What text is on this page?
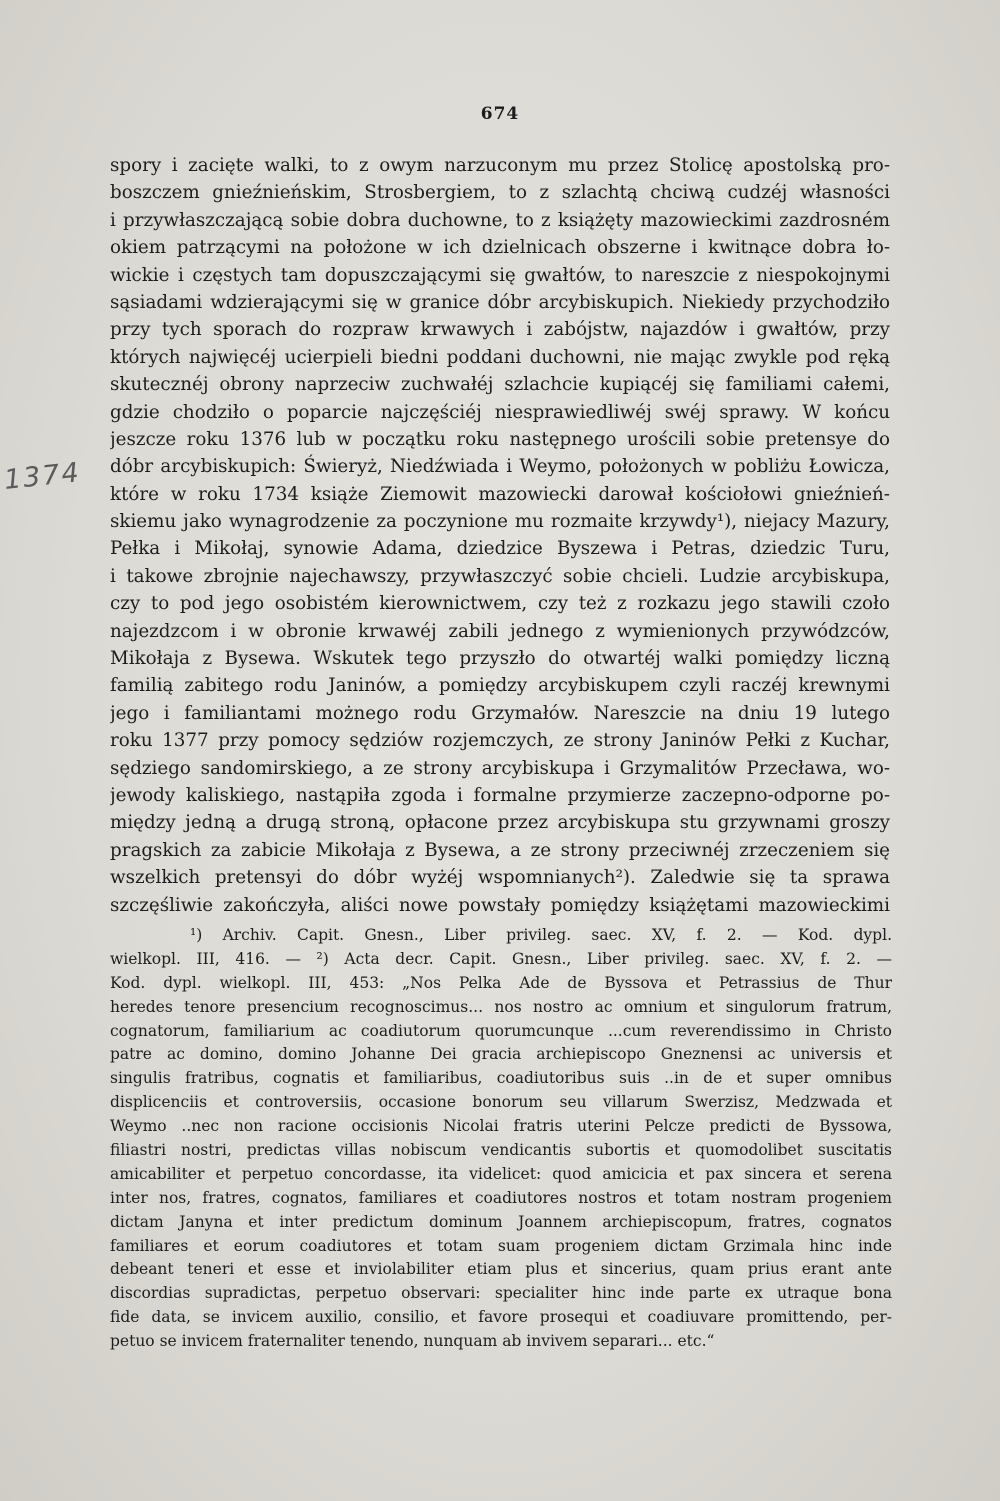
674
1374
spory i zacięte walki, to z owym narzuconym mu przez Stolicę apostolską pro-
boszczem gnieźnieńskim, Strosbergiem, to z szlachtą chciwą cudzéj własności
i przywłaszczającą sobie dobra duchowne, to z książęty mazowieckimi zazdrosném
okiem patrzącymi na położone w ich dzielnicach obszerne i kwitnące dobra ło-
wickie i częstych tam dopuszczającymi się gwałtów, to nareszcie z niespokojnymi
sąsiadami wdzierającymi się w granice dóbr arcybiskupich. Niekiedy przychodziło
przy tych sporach do rozpraw krwawych i zabójstw, najazdów i gwałtów, przy
których najwięcéj ucierpieli biedni poddani duchowni, nie mając zwykle pod ręką
skutecznéj obrony naprzeciw zuchwałéj szlachcie kupiącéj się familiami całemi,
gdzie chodziło o poparcie najczęściéj niesprawiedliwéj swéj sprawy. W końcu
jeszcze roku 1376 lub w początku roku następnego urościli sobie pretensye do
dóbr arcybiskupich: Świeryż, Niedźwiada i Weymo, położonych w pobliżu Łowicza,
które w roku 1734 książe Ziemowit mazowiecki darował kościołowi gnieźnień-
skiemu jako wynagrodzenie za poczynione mu rozmaite krzywdy¹), niejacy Mazury,
Pełka i Mikołaj, synowie Adama, dziedzice Byszewa i Petras, dziedzic Turu,
i takowe zbrojnie najechawszy, przywłaszczyć sobie chcieli. Ludzie arcybiskupa,
czy to pod jego osobistém kierownictwem, czy też z rozkazu jego stawili czoło
najezdzcom i w obronie krwawéj zabili jednego z wymienionych przywódzców,
Mikołaja z Bysewa. Wskutek tego przyszło do otwartéj walki pomiędzy liczną
familią zabitego rodu Janinów, a pomiędzy arcybiskupem czyli raczéj krewnymi
jego i familiantami możnego rodu Grzymałów. Nareszcie na dniu 19 lutego
roku 1377 przy pomocy sędziów rozjemczych, ze strony Janinów Pełki z Kuchar,
sędziego sandomirskiego, a ze strony arcybiskupa i Grzymalitów Przecława, wo-
jewody kaliskiego, nastąpiła zgoda i formalne przymierze zaczepno-odporne po-
między jedną a drugą stroną, opłacone przez arcybiskupa stu grzywnami groszy
pragskich za zabicie Mikołaja z Bysewa, a ze strony przeciwnéj zrzeczeniem się
wszelkich pretensyi do dóbr wyżéj wspomnianych²). Zaledwie się ta sprawa
szczęśliwie zakończyła, aliści nowe powstały pomiędzy książętami mazowieckimi
¹) Archiv. Capit. Gnesn., Liber privileg. saec. XV, f. 2. — Kod. dypl.
wielkopl. III, 416. — ²) Acta decr. Capit. Gnesn., Liber privileg. saec. XV, f. 2. —
Kod. dypl. wielkopl. III, 453: „Nos Pelka Ade de Byssova et Petrassius de Thur
heredes tenore presencium recognoscimus... nos nostro ac omnium et singulorum fratrum,
cognatorum, familiarium ac coadiutorum quorumcunque ...cum reverendissimo in Christo
patre ac domino, domino Johanne Dei gracia archiepiscopo Gneznensi ac universis et
singulis fratribus, cognatis et familiaribus, coadiutoribus suis ..in de et super omnibus
displicenciis et controversiis, occasione bonorum seu villarum Swerzisz, Medzwada et
Weymo ..nec non racione occisionis Nicolai fratris uterini Pelcze predicti de Byssowa,
filiastri nostri, predictas villas nobiscum vendicantis subortis et quomodolibet suscitatis
amicabiliter et perpetuo concordasse, ita videlicet: quod amicicia et pax sincera et serena
inter nos, fratres, cognatos, familiares et coadiutores nostros et totam nostram progeniem
dictam Janyna et inter predictum dominum Joannem archiepiscopum, fratres, cognatos
familiares et eorum coadiutores et totam suam progeniem dictam Grzimala hinc inde
debeant teneri et esse et inviolabiliter etiam plus et sincerius, quam prius erant ante
discordias supradictas, perpetuo observari: specialiter hinc inde parte ex utraque bona
fide data, se invicem auxilio, consilio, et favore prosequi et coadiuvare promittendo, per-
petuo se invicem fraternaliter tenendo, nunquam ab invivem separari... etc.“
